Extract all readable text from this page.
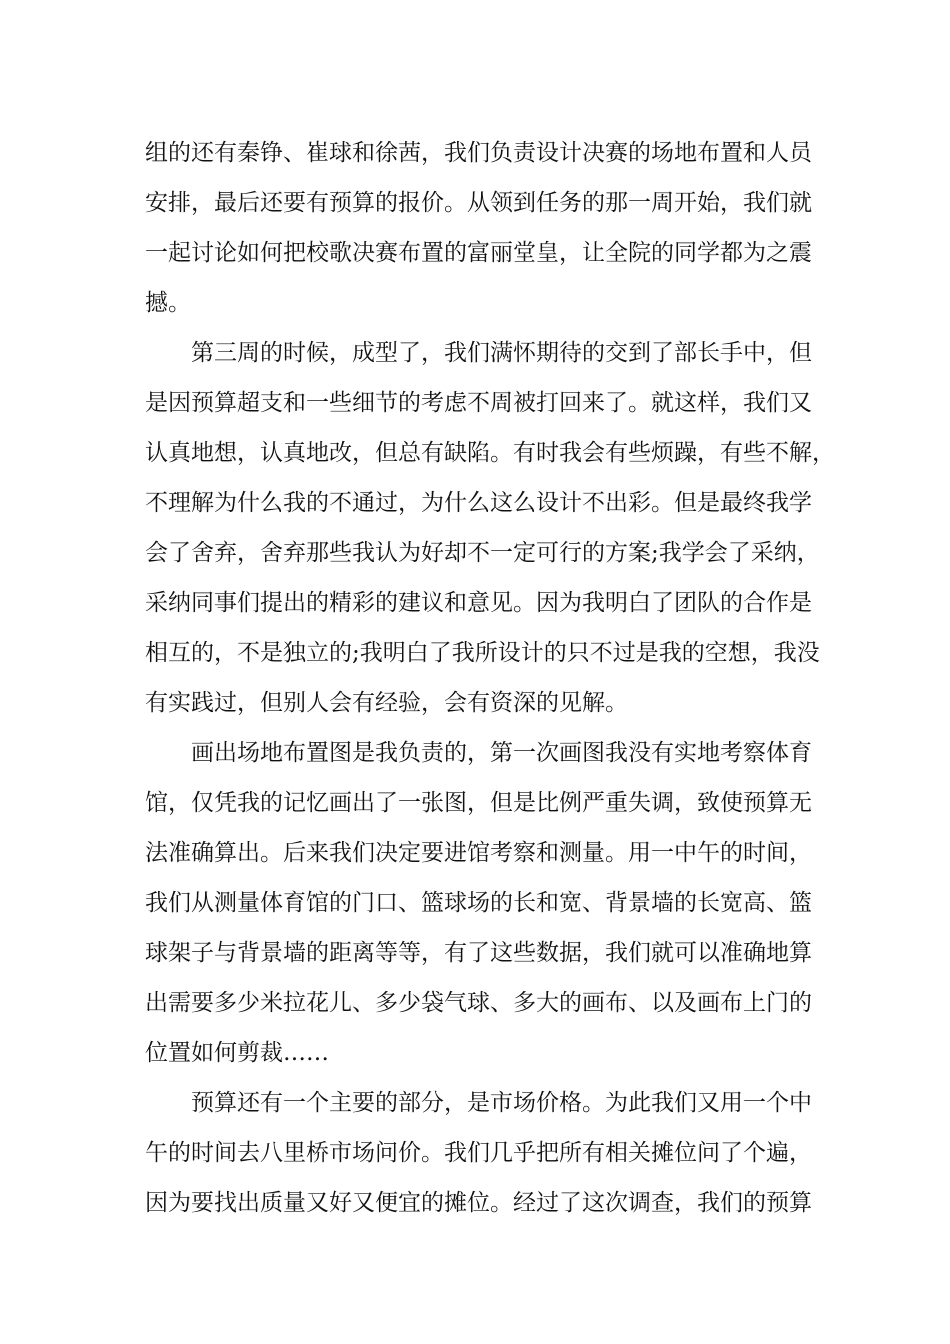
组的还有秦铮、崔球和徐茜，我们负责设计决赛的场地布置和人员
安排，最后还要有预算的报价。从领到任务的那一周开始，我们就
一起讨论如何把校歌决赛布置的富丽堂皇，让全院的同学都为之震
撼。
第三周的时候，成型了，我们满怀期待的交到了部长手中，但
是因预算超支和一些细节的考虑不周被打回来了。就这样，我们又
认真地想，认真地改，但总有缺陷。有时我会有些烦躁，有些不解，
不理解为什么我的不通过，为什么这么设计不出彩。但是最终我学
会了舍弃，舍弃那些我认为好却不一定可行的方案;我学会了采纳，
采纳同事们提出的精彩的建议和意见。因为我明白了团队的合作是
相互的，不是独立的;我明白了我所设计的只不过是我的空想，我没
有实践过，但别人会有经验，会有资深的见解。
画出场地布置图是我负责的，第一次画图我没有实地考察体育
馆，仅凭我的记忆画出了一张图，但是比例严重失调，致使预算无
法准确算出。后来我们决定要进馆考察和测量。用一中午的时间，
我们从测量体育馆的门口、篮球场的长和宽、背景墙的长宽高、篮
球架子与背景墙的距离等等，有了这些数据，我们就可以准确地算
出需要多少米拉花儿、多少袋气球、多大的画布、以及画布上门的
位置如何剪裁……
预算还有一个主要的部分，是市场价格。为此我们又用一个中
午的时间去八里桥市场问价。我们几乎把所有相关摊位问了个遍，
因为要找出质量又好又便宜的摊位。经过了这次调查，我们的预算
